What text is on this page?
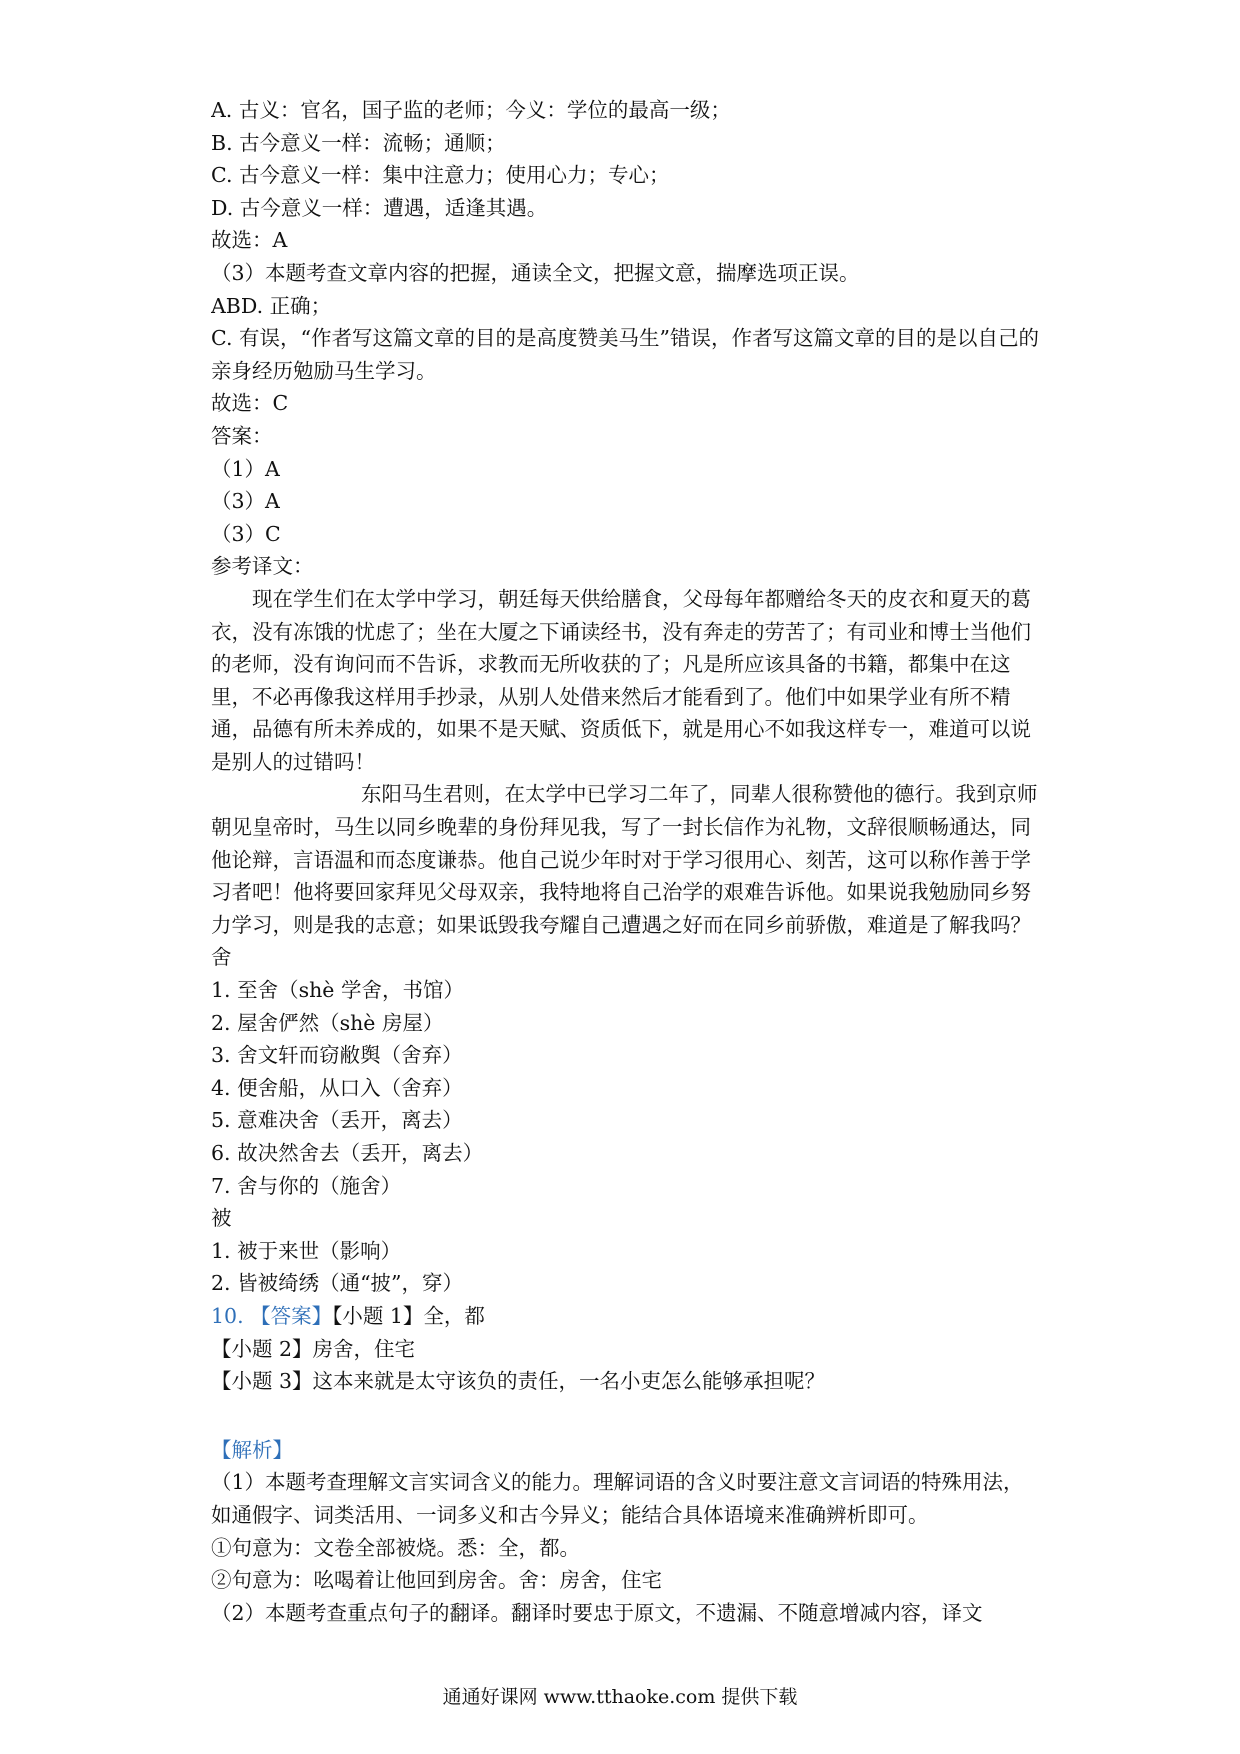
A. 古义：官名，国子监的老师；今义：学位的最高一级；
B. 古今意义一样：流畅；通顺；
C. 古今意义一样：集中注意力；使用心力；专心；
D. 古今意义一样：遭遇，适逢其遇。
故选：A
（3）本题考查文章内容的把握，通读全文，把握文意，揣摩选项正误。
ABD. 正确；
C. 有误，“作者写这篇文章的目的是高度赞美马生”错误，作者写这篇文章的目的是以自己的亲身经历勉励马生学习。
故选：C
答案：
（1）A
（3）A
（3）C
参考译文：
现在学生们在太学中学习，朝廷每天供给膳食，父母每年都赠给冬天的皮衣和夏天的葛衣，没有冻饿的忧虑了；坐在大厦之下诵读经书，没有奔走的劳苦了；有司业和博士当他们的老师，没有询问而不告诉，求教而无所收获的了；凡是所应该具备的书籍，都集中在这里，不必再像我这样用手抄录，从别人处借来然后才能看到了。他们中如果学业有所不精通，品德有所未养成的，如果不是天赋、资质低下，就是用心不如我这样专一，难道可以说是别人的过错吗！
东阳马生君则，在太学中已学习二年了，同辈人很称赞他的德行。我到京师朝见皇帝时，马生以同乡晚辈的身份拜见我，写了一封长信作为礼物，文辞很顺畅通达，同他论辩，言语温和而态度谦恭。他自己说少年时对于学习很用心、刻苦，这可以称作善于学习者吧！他将要回家拜见父母双亲，我特地将自己治学的艰难告诉他。如果说我勉励同乡努力学习，则是我的志意；如果诋毁我夸耀自己遭遇之好而在同乡前骄傲，难道是了解我吗？
舍
1. 至舍（shè 学舍，书馆）
2. 屋舍俨然（shè 房屋）
3. 舍文轩而窃敝舆（舍弃）
4. 便舍船，从口入（舍弃）
5. 意难决舍（丢开，离去）
6. 故决然舍去（丢开，离去）
7. 舍与你的（施舍）
被
1. 被于来世（影响）
2. 皆被绮绣（通“披”，穿）
10. 【答案】【小题 1】全，都
【小题 2】房舍，住宅
【小题 3】这本来就是太守该负的责任，一名小吏怎么能够承担呢？
【解析】
（1）本题考查理解文言实词含义的能力。理解词语的含义时要注意文言词语的特殊用法，如通假字、词类活用、一词多义和古今异义；能结合具体语境来准确辨析即可。
①句意为：文卷全部被烧。悉：全，都。
②句意为：吆喝着让他回到房舍。舍：房舍，住宅
（2）本题考查重点句子的翻译。翻译时要忠于原文，不遗漏、不随意增减内容，译文
通通好课网 www.tthaoke.com 提供下载
